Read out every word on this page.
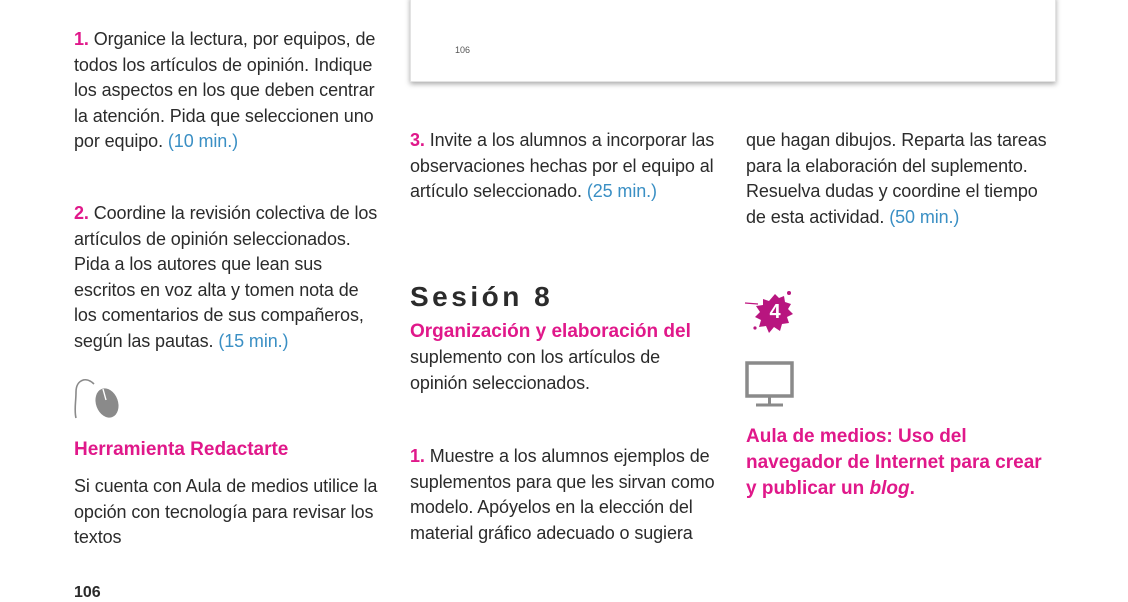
106
1. Organice la lectura, por equipos, de todos los artículos de opinión. Indique los aspectos en los que deben centrar la atención. Pida que seleccionen uno por equipo. (10 min.)
2. Coordine la revisión colectiva de los artículos de opinión seleccionados. Pida a los autores que lean sus escritos en voz alta y tomen nota de los comentarios de sus compañeros, según las pautas. (15 min.)
Herramienta Redactarte
Si cuenta con Aula de medios utilice la opción con tecnología para revisar los textos
106
3. Invite a los alumnos a incorporar las observaciones hechas por el equipo al artículo seleccionado. (25 min.)
Sesión 8
Organización y elaboración del
suplemento con los artículos de opinión seleccionados.
1. Muestre a los alumnos ejemplos de suplementos para que les sirvan como modelo. Apóyelos en la elección del material gráfico adecuado o sugiera
que hagan dibujos. Reparta las tareas para la elaboración del suplemento. Resuelva dudas y coordine el tiempo de esta actividad. (50 min.)
4
Aula de medios: Uso del navegador de Internet para crear y publicar un blog.
